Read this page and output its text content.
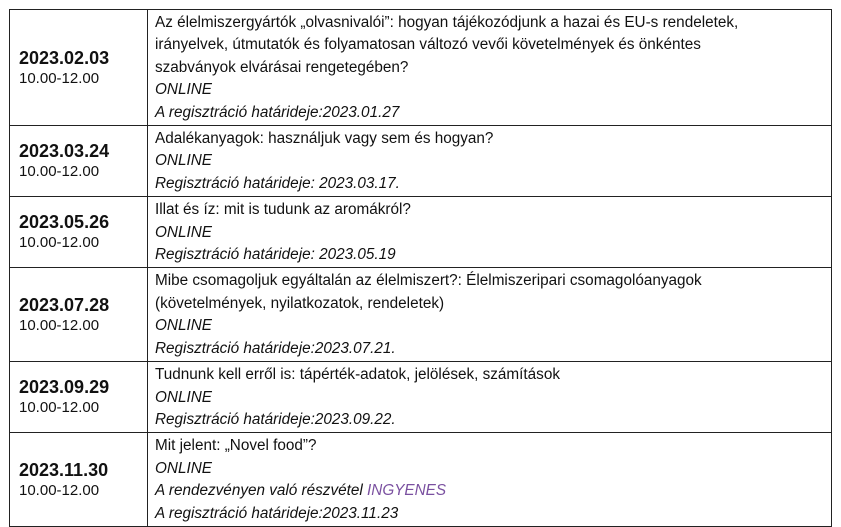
2023.02.03
10.00-12.00	Az élelmiszergyártók „olvasnivalói”: hogyan tájékozódjunk a hazai és EU-s rendeletek,
irányelvek, útmutatók és folyamatosan változó vevői követelmények és önkéntes
szabványok elvárásai rengetegében?
ONLINE
A regisztráció határideje:2023.01.27

2023.03.24
10.00-12.00	Adalékanyagok: használjuk vagy sem és hogyan?
ONLINE
Regisztráció határideje: 2023.03.17.

2023.05.26
10.00-12.00	Illat és íz: mit is tudunk az aromákról?
ONLINE
Regisztráció határideje: 2023.05.19

2023.07.28
10.00-12.00	Mibe csomagoljuk egyáltalán az élelmiszert?: Élelmiszeripari csomagolóanyagok
(követelmények, nyilatkozatok, rendeletek)
ONLINE
Regisztráció határideje:2023.07.21.

2023.09.29
10.00-12.00	Tudnunk kell erről is: tápérték-adatok, jelölések, számítások
ONLINE
Regisztráció határideje:2023.09.22.

2023.11.30
10.00-12.00	Mit jelent: „Novel food”?
ONLINE
A rendezvényen való részvétel INGYENES
A regisztráció határideje:2023.11.23
